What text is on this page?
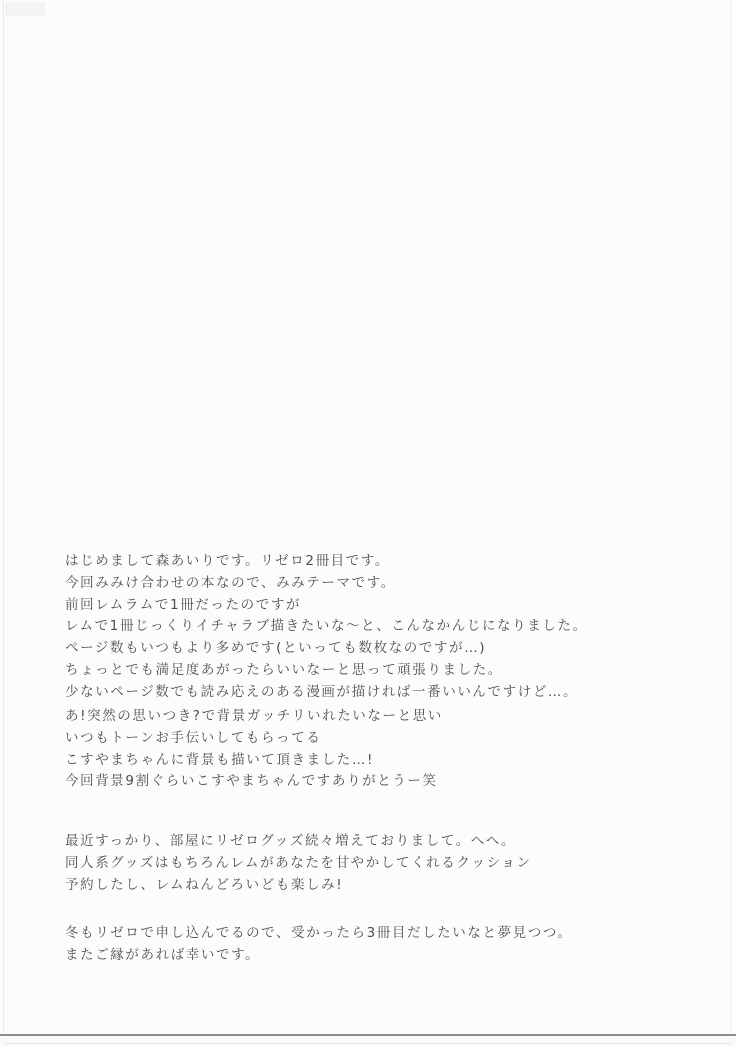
はじめまして森あいりです。リゼロ2冊目です。
今回みみけ合わせの本なので、みみテーマです。
前回レムラムで1冊だったのですが
レムで1冊じっくりイチャラブ描きたいな〜と、こんなかんじになりました。
ページ数もいつもより多めです(といっても数枚なのですが…)
ちょっとでも満足度あがったらいいなーと思って頑張りました。
少ないページ数でも読み応えのある漫画が描ければ一番いいんですけど…。
あ!突然の思いつき?で背景ガッチリいれたいなーと思い
いつもトーンお手伝いしてもらってる
こすやまちゃんに背景も描いて頂きました…!
今回背景9割ぐらいこすやまちゃんですありがとうー笑
最近すっかり、部屋にリゼログッズ続々増えておりまして。へへ。
同人系グッズはもちろんレムがあなたを甘やかしてくれるクッション
予約したし、レムねんどろいども楽しみ!
冬もリゼロで申し込んでるので、受かったら3冊目だしたいなと夢見つつ。
またご縁があれば幸いです。
